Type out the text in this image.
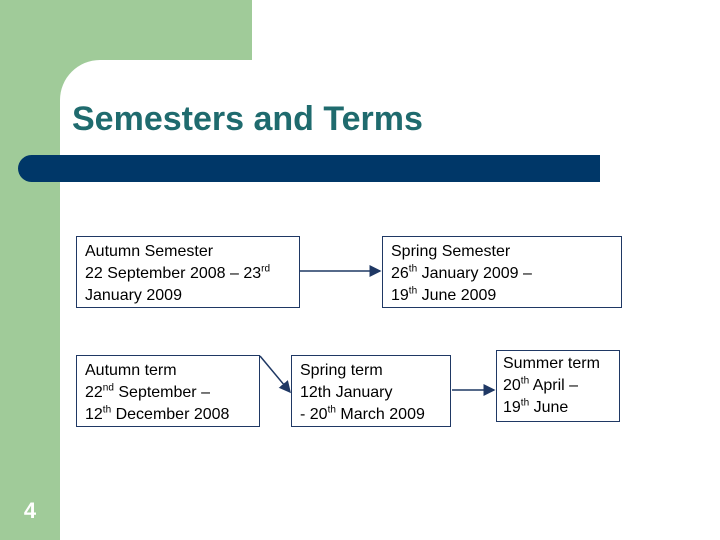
Semesters and Terms
Autumn Semester
22 September 2008 – 23rd
January 2009
Spring Semester
26th January 2009 –
19th June 2009
Autumn term
22nd September –
12th December 2008
Spring term
12th January
- 20th March 2009
Summer term
20th April –
19th June
4
